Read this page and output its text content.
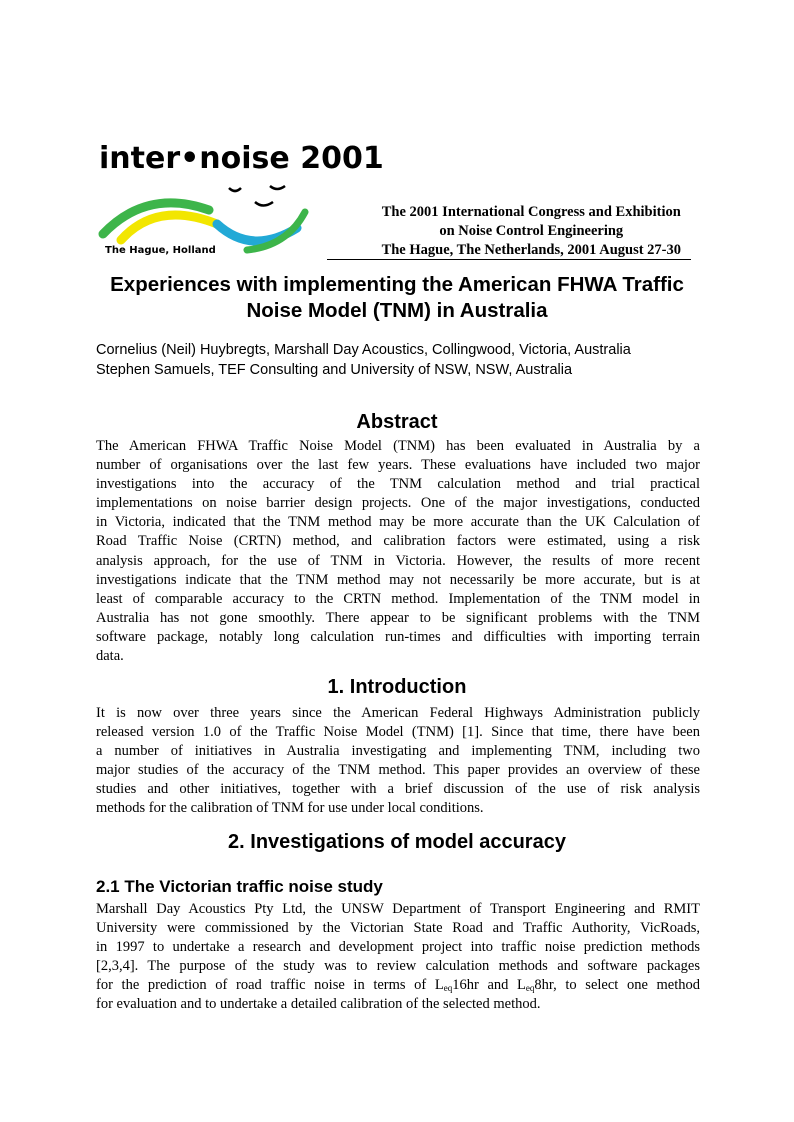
inter•noise 2001
The Hague, Holland
The 2001 International Congress and Exhibition
on Noise Control Engineering
The Hague, The Netherlands, 2001 August 27-30
Experiences with implementing the American FHWA Traffic
Noise Model (TNM) in Australia
Cornelius (Neil) Huybregts, Marshall Day Acoustics, Collingwood, Victoria, Australia
Stephen Samuels, TEF Consulting and University of NSW, NSW, Australia
Abstract
The American FHWA Traffic Noise Model (TNM) has been evaluated in Australia by a
number of organisations over the last few years. These evaluations have included two major
investigations into the accuracy of the TNM calculation method and trial practical
implementations on noise barrier design projects. One of the major investigations, conducted
in Victoria, indicated that the TNM method may be more accurate than the UK Calculation of
Road Traffic Noise (CRTN) method, and calibration factors were estimated, using a risk
analysis approach, for the use of TNM in Victoria. However, the results of more recent
investigations indicate that the TNM method may not necessarily be more accurate, but is at
least of comparable accuracy to the CRTN method. Implementation of the TNM model in
Australia has not gone smoothly. There appear to be significant problems with the TNM
software package, notably long calculation run-times and difficulties with importing terrain
data.
1. Introduction
It is now over three years since the American Federal Highways Administration publicly
released version 1.0 of the Traffic Noise Model (TNM) [1]. Since that time, there have been
a number of initiatives in Australia investigating and implementing TNM, including two
major studies of the accuracy of the TNM method. This paper provides an overview of these
studies and other initiatives, together with a brief discussion of the use of risk analysis
methods for the calibration of TNM for use under local conditions.
2. Investigations of model accuracy
2.1 The Victorian traffic noise study
Marshall Day Acoustics Pty Ltd, the UNSW Department of Transport Engineering and RMIT
University were commissioned by the Victorian State Road and Traffic Authority, VicRoads,
in 1997 to undertake a research and development project into traffic noise prediction methods
[2,3,4]. The purpose of the study was to review calculation methods and software packages
for the prediction of road traffic noise in terms of $L_{eq}16hr$ and $L_{eq}8hr$, to select one method
for evaluation and to undertake a detailed calibration of the selected method.
